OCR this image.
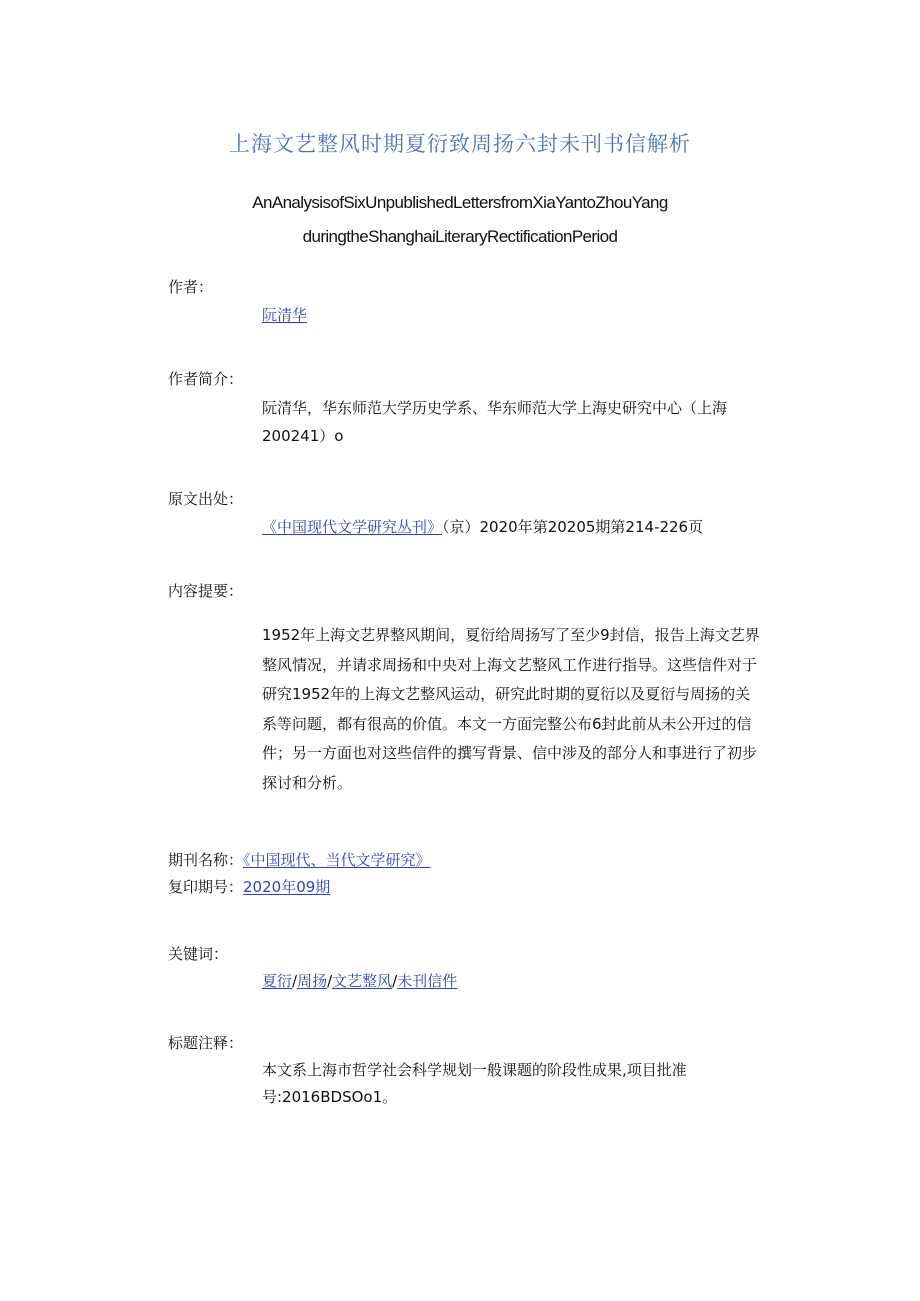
上海文艺整风时期夏衍致周扬六封未刊书信解析
AnAnalysisofSixUnpublishedLettersfromXiaYantoZhouYang
duringtheShanghaiLiteraryRectificationPeriod
作者：
阮清华
作者简介：
阮清华，华东师范大学历史学系、华东师范大学上海史研究中心（上海
200241）o
原文出处：
《中国现代文学研究丛刊》（京）2020年第20205期第214-226页
内容提要：
1952年上海文艺界整风期间，夏衍给周扬写了至少9封信，报告上海文艺界整风情况，并请求周扬和中央对上海文艺整风工作进行指导。这些信件对于研究1952年的上海文艺整风运动，研究此时期的夏衍以及夏衍与周扬的关系等问题，都有很高的价值。本文一方面完整公布6封此前从未公开过的信件；另一方面也对这些信件的撰写背景、信中涉及的部分人和事进行了初步探讨和分析。
期刊名称：《中国现代、当代文学研究》
复印期号：2020年09期
关键词：
夏衍/周扬/文艺整风/未刊信件
标题注释：
本文系上海市哲学社会科学规划一般课题的阶段性成果,项目批准
号:2016BDSOo1。
